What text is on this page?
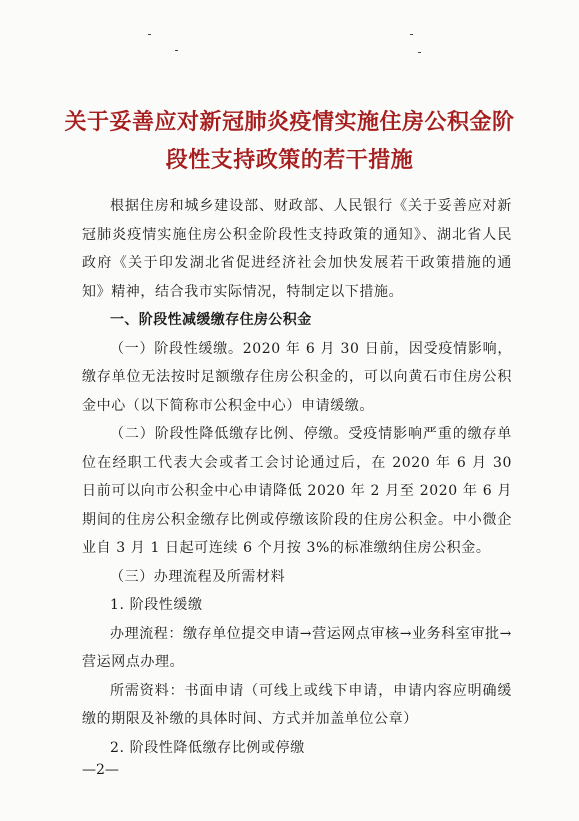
关于妥善应对新冠肺炎疫情实施住房公积金阶
段性支持政策的若干措施

根据住房和城乡建设部、财政部、人民银行《关于妥善应对新冠肺炎疫情实施住房公积金阶段性支持政策的通知》、湖北省人民政府《关于印发湖北省促进经济社会加快发展若干政策措施的通知》精神，结合我市实际情况，特制定以下措施。

一、阶段性减缓缴存住房公积金

（一）阶段性缓缴。2020 年 6 月 30 日前，因受疫情影响，缴存单位无法按时足额缴存住房公积金的，可以向黄石市住房公积金中心（以下简称市公积金中心）申请缓缴。

（二）阶段性降低缴存比例、停缴。受疫情影响严重的缴存单位在经职工代表大会或者工会讨论通过后，在 2020 年 6 月 30 日前可以向市公积金中心申请降低 2020 年 2 月至 2020 年 6 月期间的住房公积金缴存比例或停缴该阶段的住房公积金。中小微企业自 3 月 1 日起可连续 6 个月按 3%的标准缴纳住房公积金。

（三）办理流程及所需材料

1. 阶段性缓缴

办理流程：缴存单位提交申请→营运网点审核→业务科室审批→营运网点办理。

所需资料：书面申请（可线上或线下申请，申请内容应明确缓缴的期限及补缴的具体时间、方式并加盖单位公章）

2. 阶段性降低缴存比例或停缴

—2—
